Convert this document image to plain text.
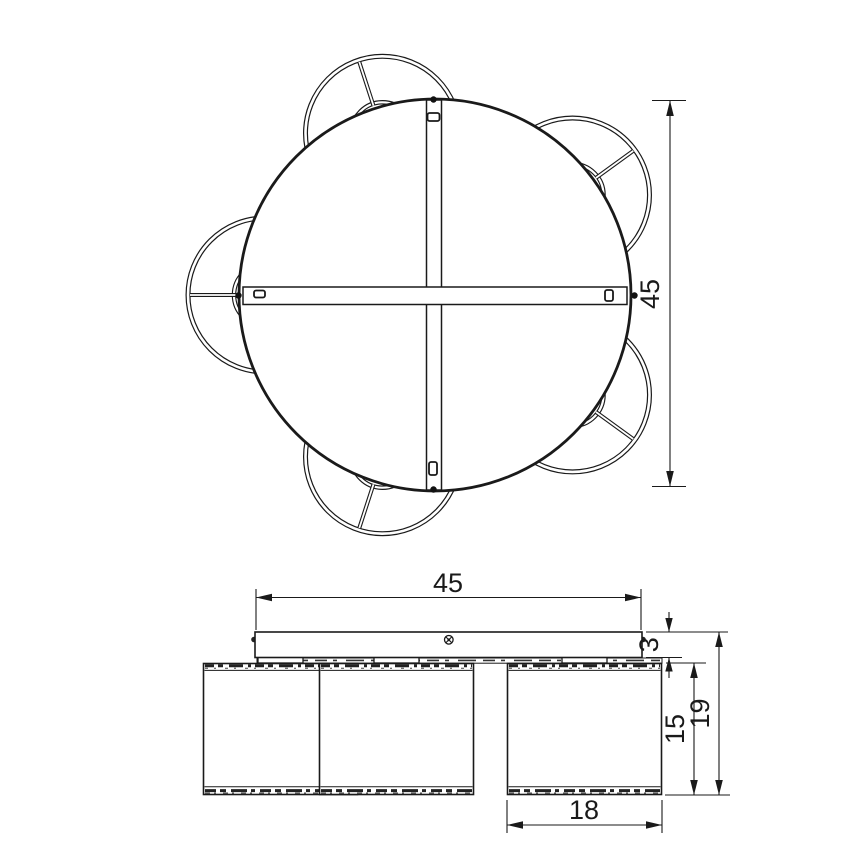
45
45
3
15
19
18
